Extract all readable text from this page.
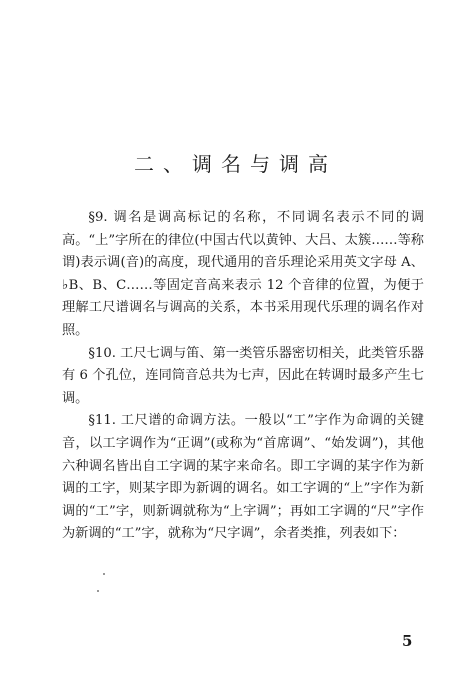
二、调名与调高

§9. 调名是调高标记的名称，不同调名表示不同的调高。“上”字所在的律位(中国古代以黄钟、大吕、太簇……等称谓)表示调(音)的高度，现代通用的音乐理论采用英文字母 A、♭B、B、C……等固定音高来表示 12 个音律的位置，为便于理解工尺谱调名与调高的关系，本书采用现代乐理的调名作对照。

§10. 工尺七调与笛、第一类管乐器密切相关，此类管乐器有 6 个孔位，连同筒音总共为七声，因此在转调时最多产生七调。

§11. 工尺谱的命调方法。一般以“工”字作为命调的关键音，以工字调作为“正调”(或称为“首席调”、“始发调”)，其他六种调名皆出自工字调的某字来命名。即工字调的某字作为新调的工字，则某字即为新调的调名。如工字调的“上”字作为新调的“工”字，则新调就称为“上字调”；再如工字调的“尺”字作为新调的“工”字，就称为“尺字调”，余者类推，列表如下：

5
